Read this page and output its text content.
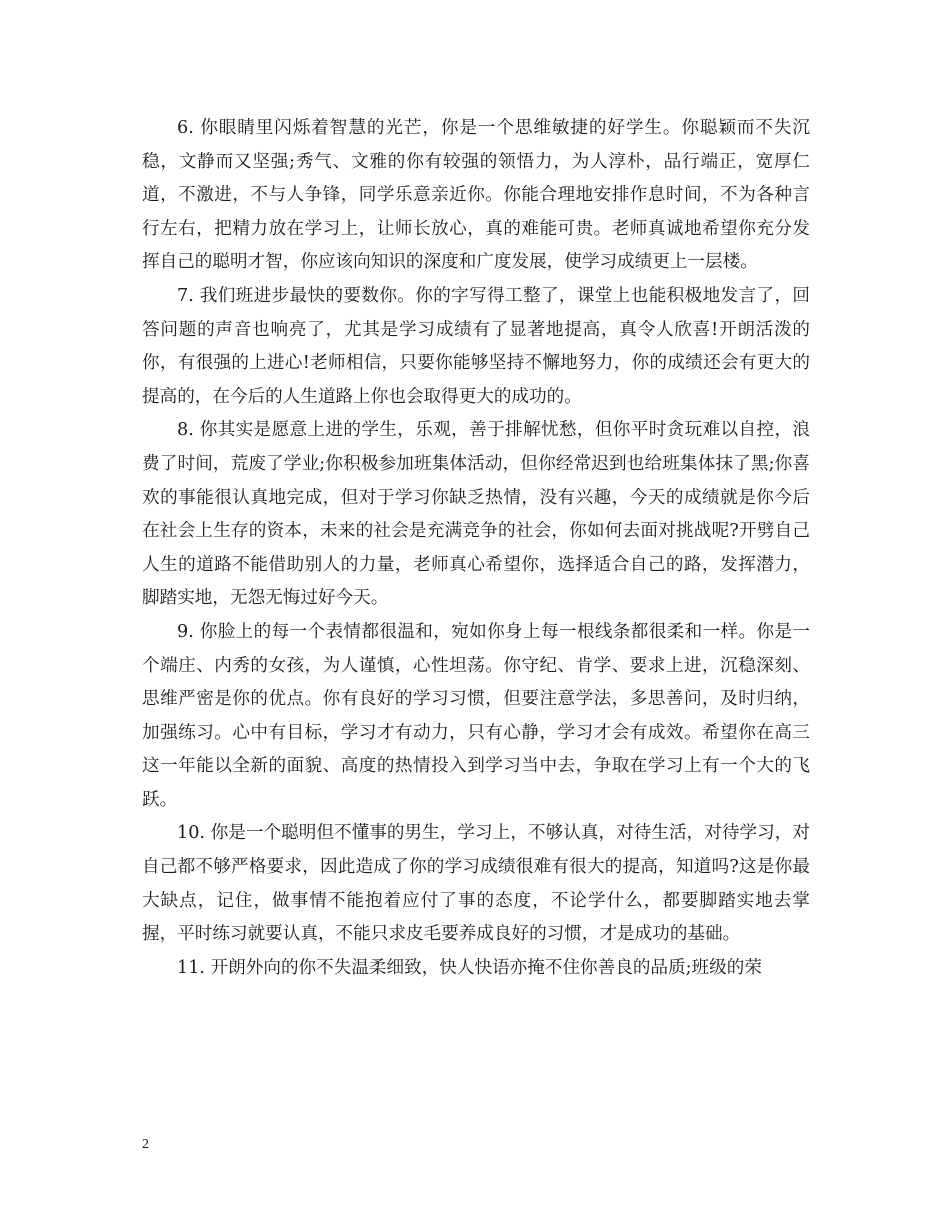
6. 你眼睛里闪烁着智慧的光芒，你是一个思维敏捷的好学生。你聪颖而不失沉稳，文静而又坚强;秀气、文雅的你有较强的领悟力，为人淳朴，品行端正，宽厚仁道，不激进，不与人争锋，同学乐意亲近你。你能合理地安排作息时间，不为各种言行左右，把精力放在学习上，让师长放心，真的难能可贵。老师真诚地希望你充分发挥自己的聪明才智，你应该向知识的深度和广度发展，使学习成绩更上一层楼。

7. 我们班进步最快的要数你。你的字写得工整了，课堂上也能积极地发言了，回答问题的声音也响亮了，尤其是学习成绩有了显著地提高，真令人欣喜!开朗活泼的你，有很强的上进心!老师相信，只要你能够坚持不懈地努力，你的成绩还会有更大的提高的，在今后的人生道路上你也会取得更大的成功的。

8. 你其实是愿意上进的学生，乐观，善于排解忧愁，但你平时贪玩难以自控，浪费了时间，荒废了学业;你积极参加班集体活动，但你经常迟到也给班集体抹了黑;你喜欢的事能很认真地完成，但对于学习你缺乏热情，没有兴趣，今天的成绩就是你今后在社会上生存的资本，未来的社会是充满竞争的社会，你如何去面对挑战呢?开劈自己人生的道路不能借助别人的力量，老师真心希望你，选择适合自己的路，发挥潜力，脚踏实地，无怨无悔过好今天。

9. 你脸上的每一个表情都很温和，宛如你身上每一根线条都很柔和一样。你是一个端庄、内秀的女孩，为人谨慎，心性坦荡。你守纪、肯学、要求上进，沉稳深刻、思维严密是你的优点。你有良好的学习习惯，但要注意学法，多思善问，及时归纳，加强练习。心中有目标，学习才有动力，只有心静，学习才会有成效。希望你在高三这一年能以全新的面貌、高度的热情投入到学习当中去，争取在学习上有一个大的飞跃。

10. 你是一个聪明但不懂事的男生，学习上，不够认真，对待生活，对待学习，对自己都不够严格要求，因此造成了你的学习成绩很难有很大的提高，知道吗?这是你最大缺点，记住，做事情不能抱着应付了事的态度，不论学什么，都要脚踏实地去掌握，平时练习就要认真，不能只求皮毛要养成良好的习惯，才是成功的基础。

11. 开朗外向的你不失温柔细致，快人快语亦掩不住你善良的品质;班级的荣

2
